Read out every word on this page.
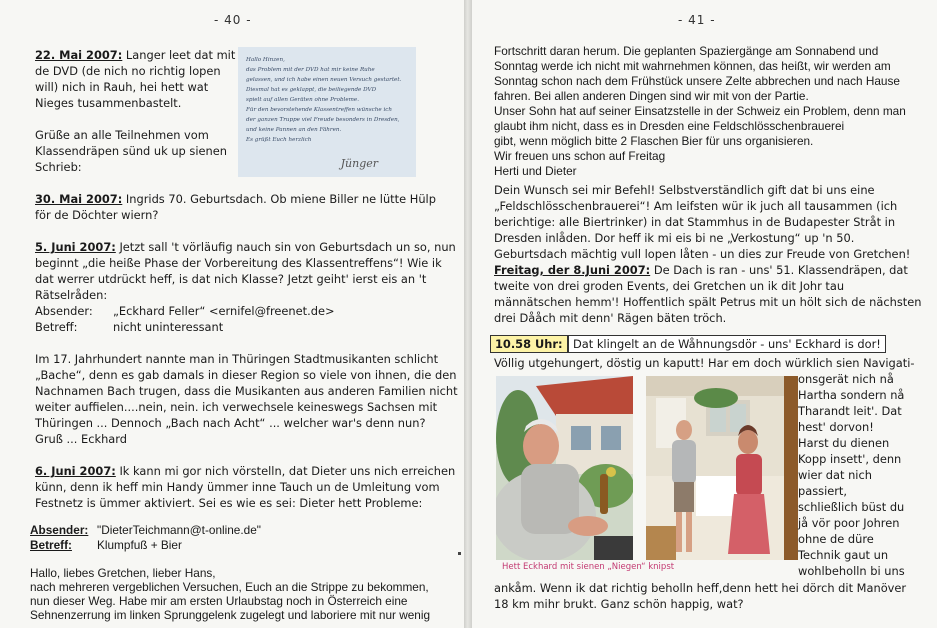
- 40 -
22. Mai 2007: Langer leet dat mit
de DVD (de nich no richtig lopen
will) nich in Rauh, hei hett wat
Nieges tusammenbastelt.
Grüße an alle Teilnehmen vom
Klassendräpen sünd uk up sienen
Schrieb:
Hallo Hinzen,
das Problem mit der DVD hat mir keine Ruhe
gelassen, und ich habe einen neuen Versuch gestartet.
Diesmal hat es geklappt, die beiliegende DVD
spielt auf allen Geräten ohne Probleme.
Für den bevorstehende Klassentreffen wünsche ich
der ganzen Truppe viel Freude besonders in Dresden,
und keine Pannen an den Fähren.
Es grüßt Euch herzlich
Jünger
30. Mai 2007: Ingrids 70. Geburtsdach. Ob miene Biller ne lütte Hülp
för de Döchter wiern?
5. Juni 2007: Jetzt sall 't vörläufig nauch sin von Geburtsdach un so, nun
beginnt „die heiße Phase der Vorbereitung des Klassentreffens“! Wie ik
dat werrer utdrückt heff, is dat nich Klasse? Jetzt geiht' ierst eis an 't
Rätselråden:
Absender: „Eckhard Feller“ <ernifel@freenet.de>
Betreff:	nicht uninteressant
Im 17. Jahrhundert nannte man in Thüringen Stadtmusikanten schlicht
„Bache“, denn es gab damals in dieser Region so viele von ihnen, die den
Nachnamen Bach trugen, dass die Musikanten aus anderen Familien nicht
weiter auffielen....nein, nein. ich verwechsele keineswegs Sachsen mit
Thüringen ... Dennoch „Bach nach Acht“ ... welcher war's denn nun?
Gruß ... Eckhard
6. Juni 2007: Ik kann mi gor nich vörstelln, dat Dieter uns nich erreichen
künn, denn ik heff min Handy ümmer inne Tauch un de Umleitung vom
Festnetz is ümmer aktiviert. Sei es wie es sei: Dieter hett Probleme:
Absender: "DieterTeichmann@t-online.de"
Betreff: Klumpfuß + Bier
Hallo, liebes Gretchen, lieber Hans,
nach mehreren vergeblichen Versuchen, Euch an die Strippe zu bekommen,
nun dieser Weg. Habe mir am ersten Urlaubstag noch in Österreich eine
Sehnenzerrung im linken Sprunggelenk zugelegt und laboriere mit nur wenig
- 41 -
Fortschritt daran herum. Die geplanten Spaziergänge am Sonnabend und
Sonntag werde ich nicht mit wahrnehmen können, das heißt, wir werden am
Sonntag schon nach dem Frühstück unsere Zelte abbrechen und nach Hause
fahren. Bei allen anderen Dingen sind wir mit von der Partie.
Unser Sohn hat auf seiner Einsatzstelle in der Schweiz ein Problem, denn man
glaubt ihm nicht, dass es in Dresden eine Feldschlösschenbrauerei
gibt, wenn möglich bitte 2 Flaschen Bier für uns organisieren.
Wir freuen uns schon auf Freitag
Herti und Dieter
Dein Wunsch sei mir Befehl! Selbstverständlich gift dat bi uns eine
„Feldschlösschenbrauerei“! Am leifsten wür ik juch all tausammen (ich
berichtige: alle Biertrinker) in dat Stammhus in de Budapester Stråt in
Dresden inlåden. Dor heff ik mi eis bi ne „Verkostung“ up 'n 50.
Geburtsdach mächtig vull lopen låten - un dies zur Freude von Gretchen!
Freitag, der 8.Juni 2007: De Dach is ran - uns' 51. Klassendräpen, dat
tweite von drei groden Events, dei Gretchen un ik dit Johr tau
männätschen hemm'! Hoffentlich spält Petrus mit un hölt sich de nächsten
drei Dååch mit denn' Rägen bäten tröch.
10.58 Uhr: Dat klingelt an de Wåhnungsdör - uns' Eckhard is dor!
Völlig utgehungert, döstig un kaputt! Har em doch würklich sien Navigati-
Hett Eckhard mit sienen „Niegen“ knipst
onsgerät nich nå
Hartha sondern nå
Tharandt leit'. Dat
hest' dorvon!
Harst du dienen
Kopp insett', denn
wier dat nich
passiert,
schließlich büst du
jå vör poor Johren
ohne de düre
Technik gaut un
wohlbeholln bi uns
ankåm. Wenn ik dat richtig beholln heff,denn hett hei dörch dit Manöver
18 km mihr brukt. Ganz schön happig, wat?
